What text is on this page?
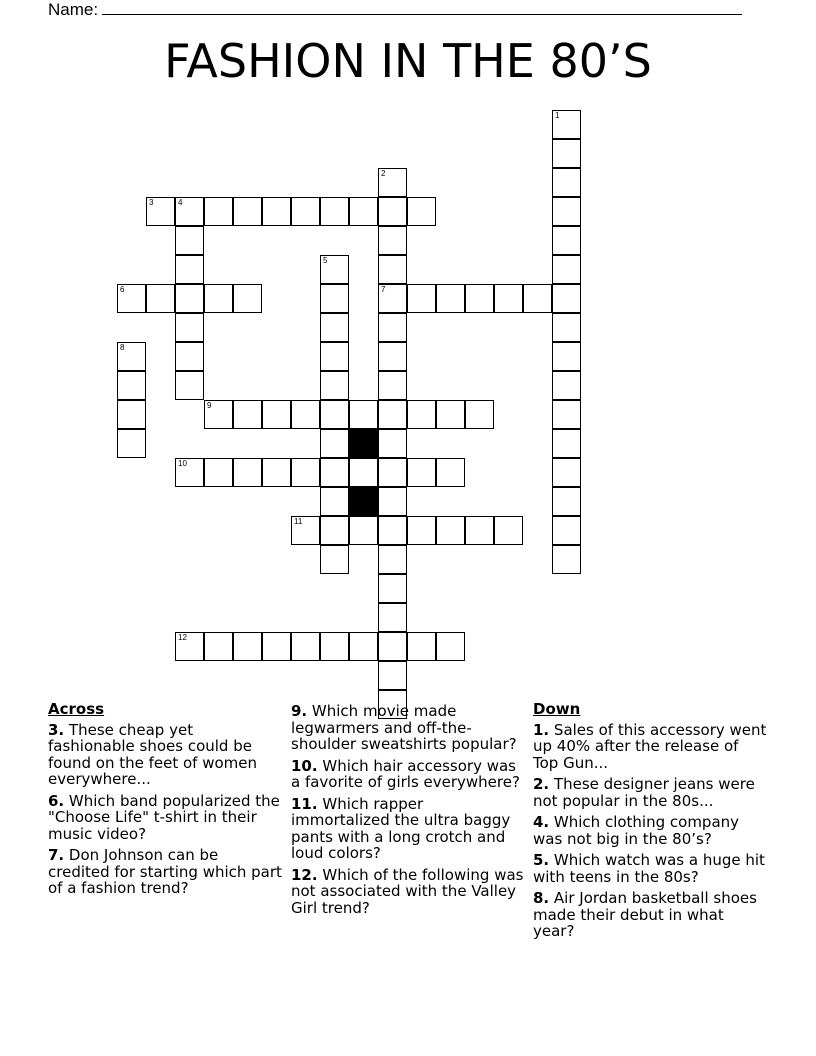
Name:
FASHION IN THE 80’S
1
2
7
3	4
5
6
8
9
10
11
12
Across
3. These cheap yet fashionable shoes could be found on the feet of women everywhere...
6. Which band popularized the "Choose Life" t-shirt in their music video?
7. Don Johnson can be credited for starting which part of a fashion trend?
9. Which movie made legwarmers and off-the-shoulder sweatshirts popular?
10. Which hair accessory was a favorite of girls everywhere?
11. Which rapper immortalized the ultra baggy pants with a long crotch and loud colors?
12. Which of the following was not associated with the Valley Girl trend?
Down
1. Sales of this accessory went up 40% after the release of Top Gun...
2. These designer jeans were not popular in the 80s...
4. Which clothing company was not big in the 80’s?
5. Which watch was a huge hit with teens in the 80s?
8. Air Jordan basketball shoes made their debut in what year?
